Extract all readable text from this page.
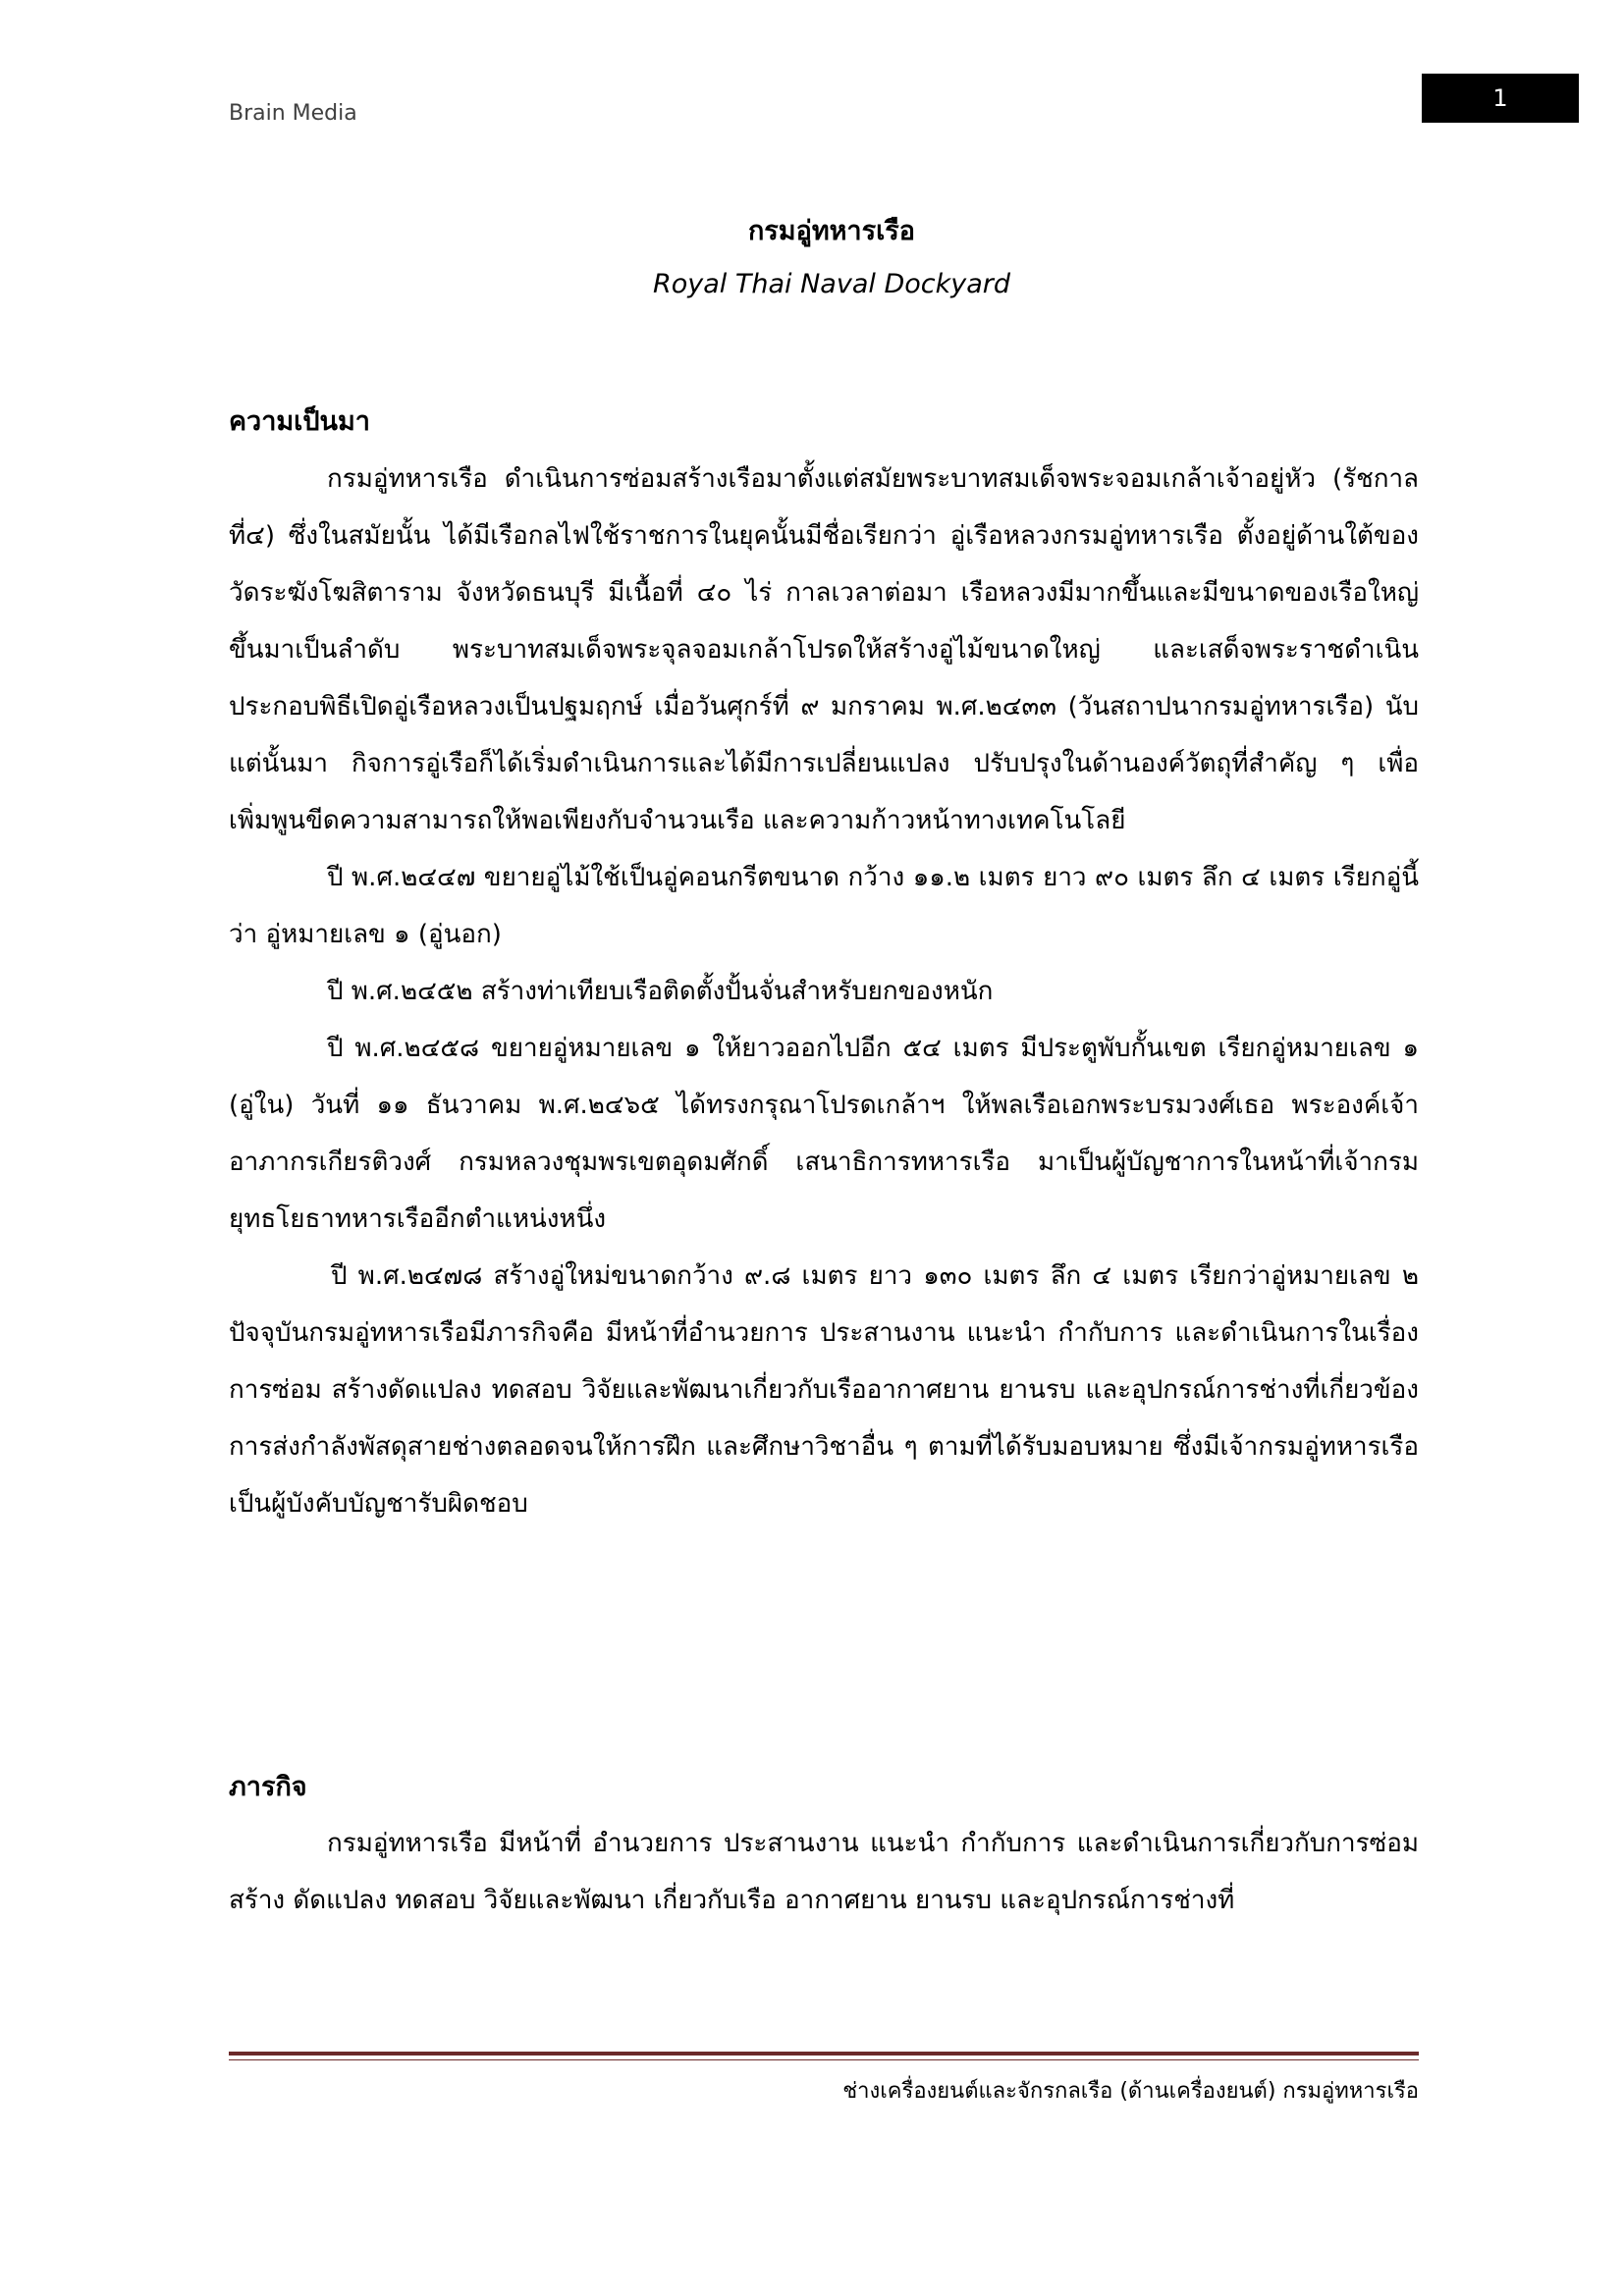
Brain Media
1
กรมอู่ทหารเรือ
Royal Thai Naval Dockyard
ความเป็นมา

กรมอู่ทหารเรือ ดำเนินการซ่อมสร้างเรือมาตั้งแต่สมัยพระบาทสมเด็จพระจอมเกล้าเจ้าอยู่หัว (รัชกาลที่๔) ซึ่งในสมัยนั้น ได้มีเรือกลไฟใช้ราชการในยุคนั้นมีชื่อเรียกว่า อู่เรือหลวงกรมอู่ทหารเรือ ตั้งอยู่ด้านใต้ของวัดระฆังโฆสิตาราม จังหวัดธนบุรี มีเนื้อที่ ๔๐ ไร่ กาลเวลาต่อมา เรือหลวงมีมากขึ้นและมีขนาดของเรือใหญ่ขึ้นมาเป็นลำดับ พระบาทสมเด็จพระจุลจอมเกล้าโปรดให้สร้างอู่ไม้ขนาดใหญ่ และเสด็จพระราชดำเนินประกอบพิธีเปิดอู่เรือหลวงเป็นปฐมฤกษ์ เมื่อวันศุกร์ที่ ๙ มกราคม พ.ศ.๒๔๓๓ (วันสถาปนากรมอู่ทหารเรือ) นับแต่นั้นมา กิจการอู่เรือก็ได้เริ่มดำเนินการและได้มีการเปลี่ยนแปลง ปรับปรุงในด้านองค์วัตถุที่สำคัญ ๆ เพื่อเพิ่มพูนขีดความสามารถให้พอเพียงกับจำนวนเรือ และความก้าวหน้าทางเทคโนโลยี

ปี พ.ศ.๒๔๔๗ ขยายอู่ไม้ใช้เป็นอู่คอนกรีตขนาด กว้าง ๑๑.๒ เมตร ยาว ๙๐ เมตร ลึก ๔ เมตร เรียกอู่นี้ว่า อู่หมายเลข ๑ (อู่นอก)

ปี พ.ศ.๒๔๕๒ สร้างท่าเทียบเรือติดตั้งปั้นจั่นสำหรับยกของหนัก

ปี พ.ศ.๒๔๕๘ ขยายอู่หมายเลข ๑ ให้ยาวออกไปอีก ๕๔ เมตร มีประตูพับกั้นเขต เรียกอู่หมายเลข ๑ (อู่ใน) วันที่ ๑๑ ธันวาคม พ.ศ.๒๔๖๕ ได้ทรงกรุณาโปรดเกล้าฯ ให้พลเรือเอกพระบรมวงศ์เธอ พระองค์เจ้าอาภากรเกียรติวงศ์ กรมหลวงชุมพรเขตอุดมศักดิ์ เสนาธิการทหารเรือ มาเป็นผู้บัญชาการในหน้าที่เจ้ากรมยุทธโยธาทหารเรืออีกตำแหน่งหนึ่ง

ปี พ.ศ.๒๔๗๘ สร้างอู่ใหม่ขนาดกว้าง ๙.๘ เมตร ยาว ๑๓๐ เมตร ลึก ๔ เมตร เรียกว่าอู่หมายเลข ๒ ปัจจุบันกรมอู่ทหารเรือมีภารกิจคือ มีหน้าที่อำนวยการ ประสานงาน แนะนำ กำกับการ และดำเนินการในเรื่องการซ่อม สร้างดัดแปลง ทดสอบ วิจัยและพัฒนาเกี่ยวกับเรืออากาศยาน ยานรบ และอุปกรณ์การช่างที่เกี่ยวข้อง การส่งกำลังพัสดุสายช่างตลอดจนให้การฝึก และศึกษาวิชาอื่น ๆ ตามที่ได้รับมอบหมาย ซึ่งมีเจ้ากรมอู่ทหารเรือเป็นผู้บังคับบัญชารับผิดชอบ

ภารกิจ

กรมอู่ทหารเรือ มีหน้าที่ อำนวยการ ประสานงาน แนะนำ กำกับการ และดำเนินการเกี่ยวกับการซ่อม สร้าง ดัดแปลง ทดสอบ วิจัยและพัฒนา เกี่ยวกับเรือ อากาศยาน ยานรบ และอุปกรณ์การช่างที่

ช่างเครื่องยนต์และจักรกลเรือ (ด้านเครื่องยนต์) กรมอู่ทหารเรือ
